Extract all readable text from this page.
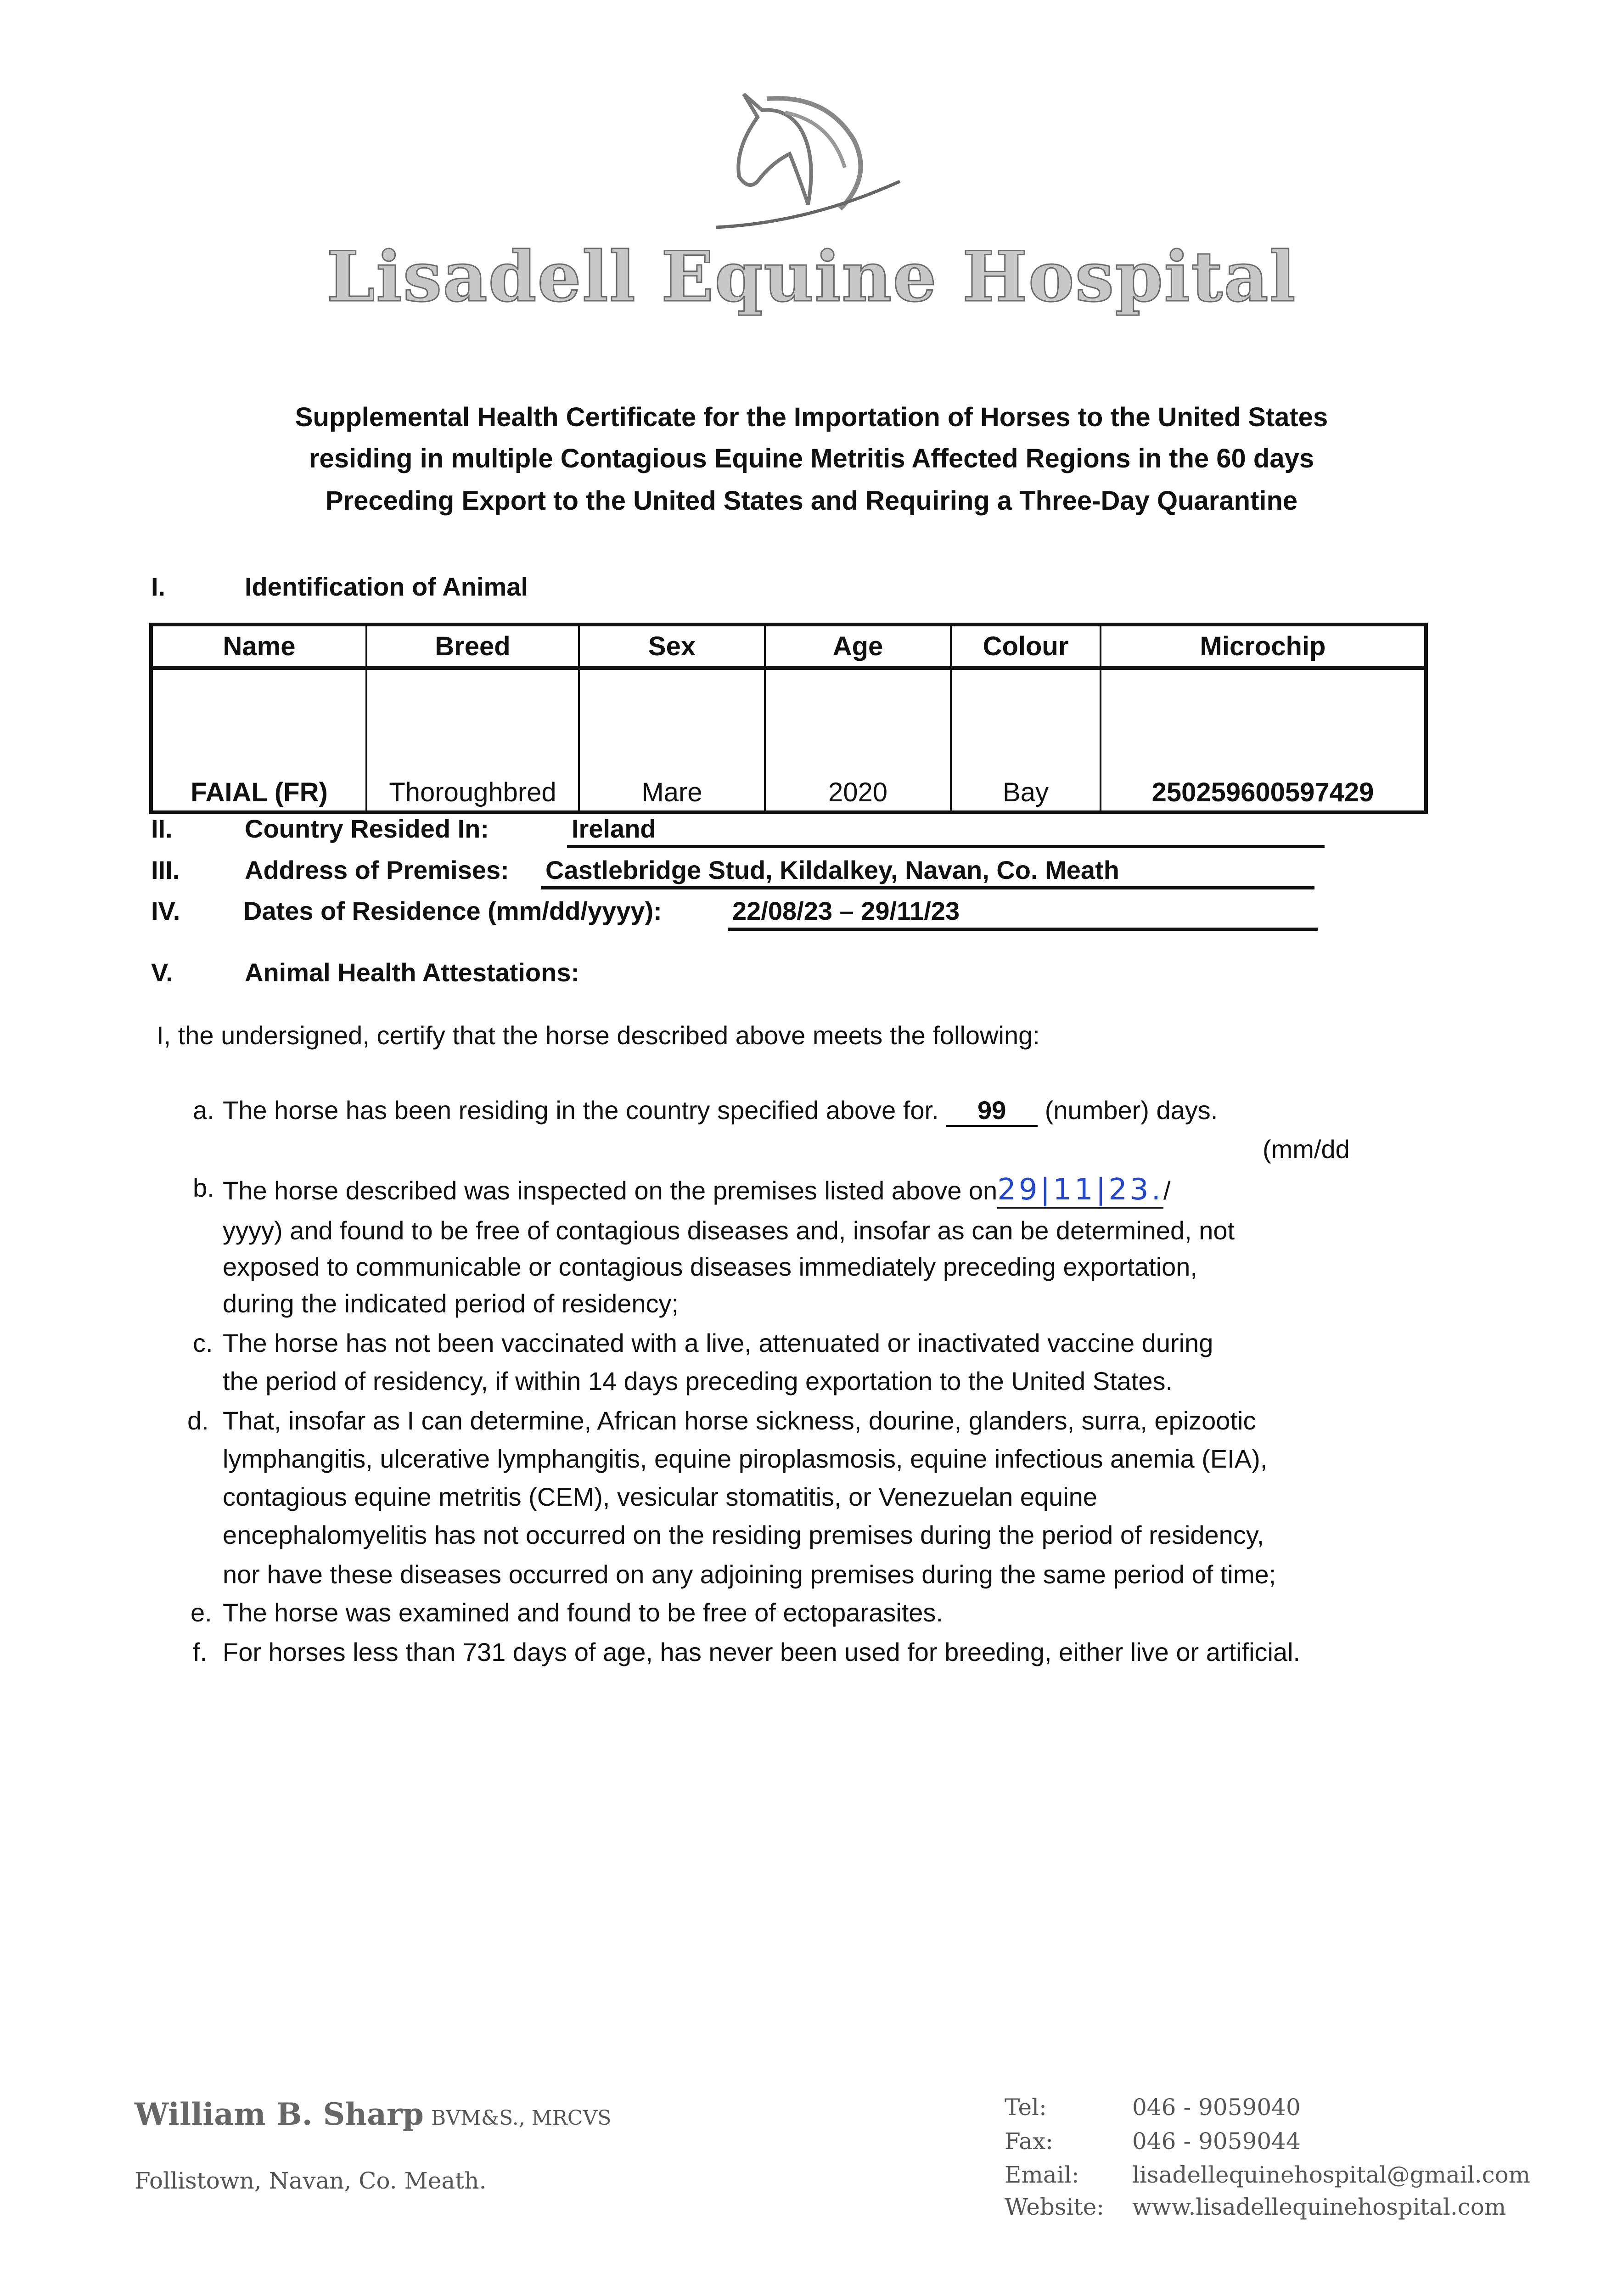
Lisadell Equine Hospital
Supplemental Health Certificate for the Importation of Horses to the United States
residing in multiple Contagious Equine Metritis Affected Regions in the 60 days
Preceding Export to the United States and Requiring a Three-Day Quarantine
I.	Identification of Animal
Name	Breed	Sex	Age	Colour	Microchip
FAIAL (FR)	Thoroughbred	Mare	2020	Bay	250259600597429
II.	Country Resided In:	Ireland
III.	Address of Premises: Castlebridge Stud, Kildalkey, Navan, Co. Meath
IV. Dates of Residence (mm/dd/yyyy):	22/08/23 – 29/11/23
V.	Animal Health Attestations:
I, the undersigned, certify that the horse described above meets the following:
a. The horse has been residing in the country specified above for. 99 (number) days.
(mm/dd
b. The horse described was inspected on the premises listed above on29|11|23./
yyyy) and found to be free of contagious diseases and, insofar as can be determined, not
exposed to communicable or contagious diseases immediately preceding exportation,
during the indicated period of residency;
c. The horse has not been vaccinated with a live, attenuated or inactivated vaccine during
the period of residency, if within 14 days preceding exportation to the United States.
d. That, insofar as I can determine, African horse sickness, dourine, glanders, surra, epizootic
lymphangitis, ulcerative lymphangitis, equine piroplasmosis, equine infectious anemia (EIA),
contagious equine metritis (CEM), vesicular stomatitis, or Venezuelan equine
encephalomyelitis has not occurred on the residing premises during the period of residency,
nor have these diseases occurred on any adjoining premises during the same period of time;
e. The horse was examined and found to be free of ectoparasites.
f. For horses less than 731 days of age, has never been used for breeding, either live or artificial.
William B. Sharp BVM&S., MRCVS
Follistown, Navan, Co. Meath.
Tel:	046 - 9059040
Fax:	046 - 9059044
Email: lisadellequinehospital@gmail.com
Website: www.lisadellequinehospital.com
